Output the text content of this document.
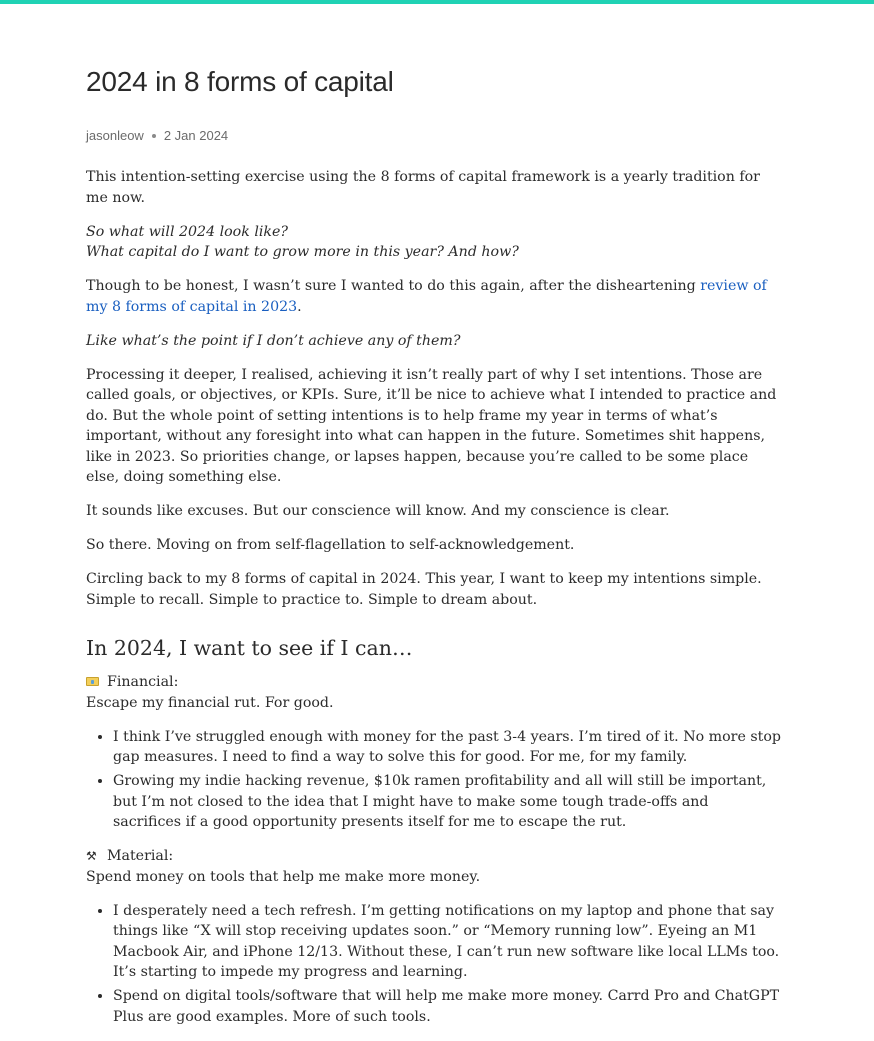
2024 in 8 forms of capital
jasonleow 2 Jan 2024

This intention-setting exercise using the 8 forms of capital framework is a yearly tradition for me now.

So what will 2024 look like?
What capital do I want to grow more in this year? And how?

Though to be honest, I wasn’t sure I wanted to do this again, after the disheartening review of my 8 forms of capital in 2023.

Like what’s the point if I don’t achieve any of them?

Processing it deeper, I realised, achieving it isn’t really part of why I set intentions. Those are called goals, or objectives, or KPIs. Sure, it’ll be nice to achieve what I intended to practice and do. But the whole point of setting intentions is to help frame my year in terms of what’s important, without any foresight into what can happen in the future. Sometimes shit happens, like in 2023. So priorities change, or lapses happen, because you’re called to be some place else, doing something else.

It sounds like excuses. But our conscience will know. And my conscience is clear.

So there. Moving on from self-flagellation to self-acknowledgement.

Circling back to my 8 forms of capital in 2024. This year, I want to keep my intentions simple. Simple to recall. Simple to practice to. Simple to dream about.

In 2024, I want to see if I can…
Financial:
Escape my financial rut. For good.
• I think I’ve struggled enough with money for the past 3-4 years. I’m tired of it. No more stop gap measures. I need to find a way to solve this for good. For me, for my family.
• Growing my indie hacking revenue, $10k ramen profitability and all will still be important, but I’m not closed to the idea that I might have to make some tough trade-offs and sacrifices if a good opportunity presents itself for me to escape the rut.
⚒ Material:
Spend money on tools that help me make more money.
• I desperately need a tech refresh. I’m getting notifications on my laptop and phone that say things like “X will stop receiving updates soon.” or “Memory running low”. Eyeing an M1 Macbook Air, and iPhone 12/13. Without these, I can’t run new software like local LLMs too. It’s starting to impede my progress and learning.
• Spend on digital tools/software that will help me make more money. Carrd Pro and ChatGPT Plus are good examples. More of such tools.
